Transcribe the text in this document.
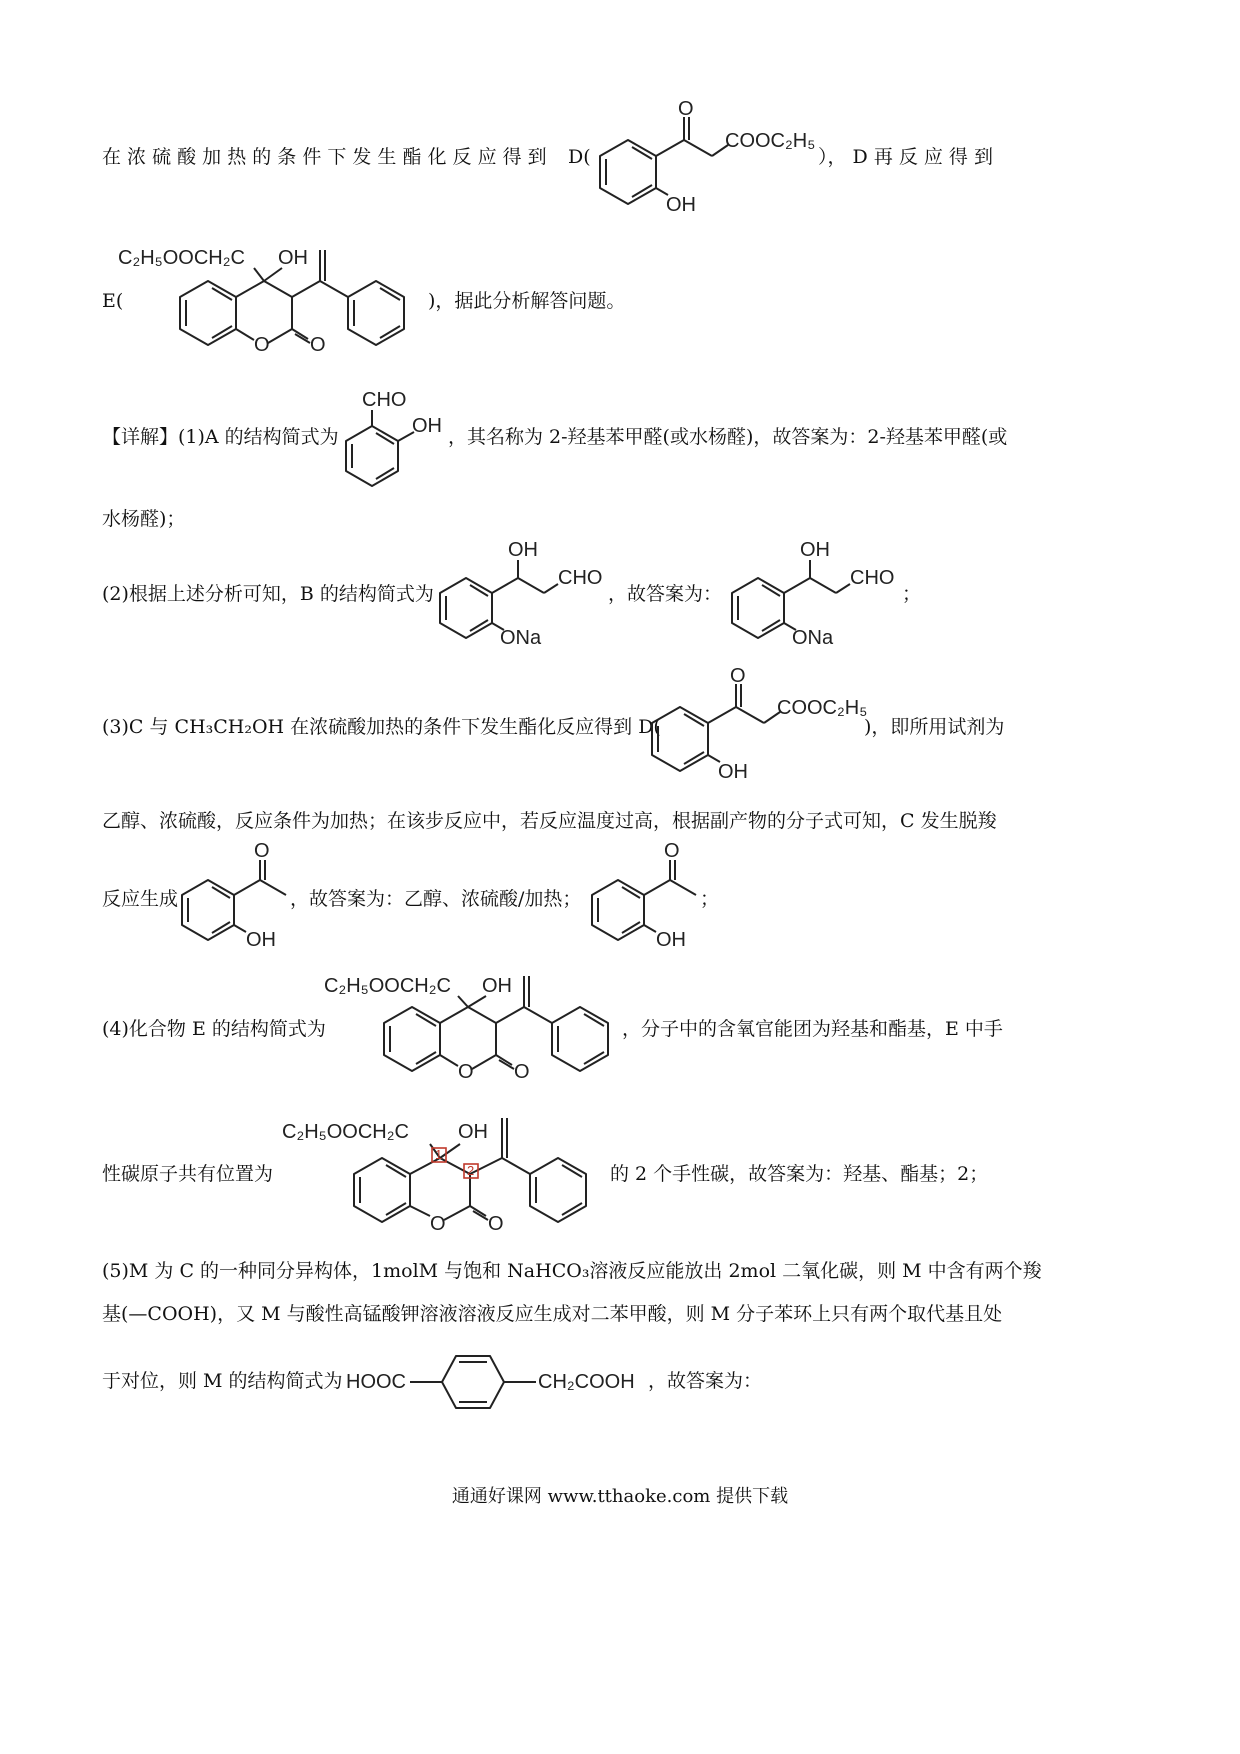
在 浓 硫 酸 加 热 的 条 件 下 发 生 酯 化 反 应 得 到 D(
O
COOC₂H₅
OH
）， D 再 反 应 得 到
E(
C₂H₅OOCH₂C OH
O O
)，据此分析解答问题。
【详解】(1)A 的结构简式为
CHO
OH ，其名称为 2-羟基苯甲醛(或水杨醛)，故答案为：2-羟基苯甲醛(或
水杨醛)；
(2)根据上述分析可知，B 的结构简式为
OH
CHO
ONa
，故答案为：
OH
CHO
ONa
；
(3)C 与 CH₃CH₂OH 在浓硫酸加热的条件下发生酯化反应得到 D(
O
COOC₂H₅
OH
)，即所用试剂为
乙醇、浓硫酸，反应条件为加热；在该步反应中，若反应温度过高，根据副产物的分子式可知，C 发生脱羧
反应生成
O
OH
，故答案为：乙醇、浓硫酸/加热；
O
OH
；
(4)化合物 E 的结构简式为
C₂H₅OOCH₂C OH
O O
，分子中的含氧官能团为羟基和酯基，E 中手
性碳原子共有位置为
C₂H₅OOCH₂C OH
O O
1
2	的 2 个手性碳，故答案为：羟基、酯基；2；
(5)M 为 C 的一种同分异构体，1molM 与饱和 NaHCO₃溶液反应能放出 2mol 二氧化碳，则 M 中含有两个羧
基(—COOH)，又 M 与酸性高锰酸钾溶液溶液反应生成对二苯甲酸，则 M 分子苯环上只有两个取代基且处
于对位，则 M 的结构简式为 HOOC	CH₂COOH ，故答案为：
通通好课网 www.tthaoke.com 提供下载
